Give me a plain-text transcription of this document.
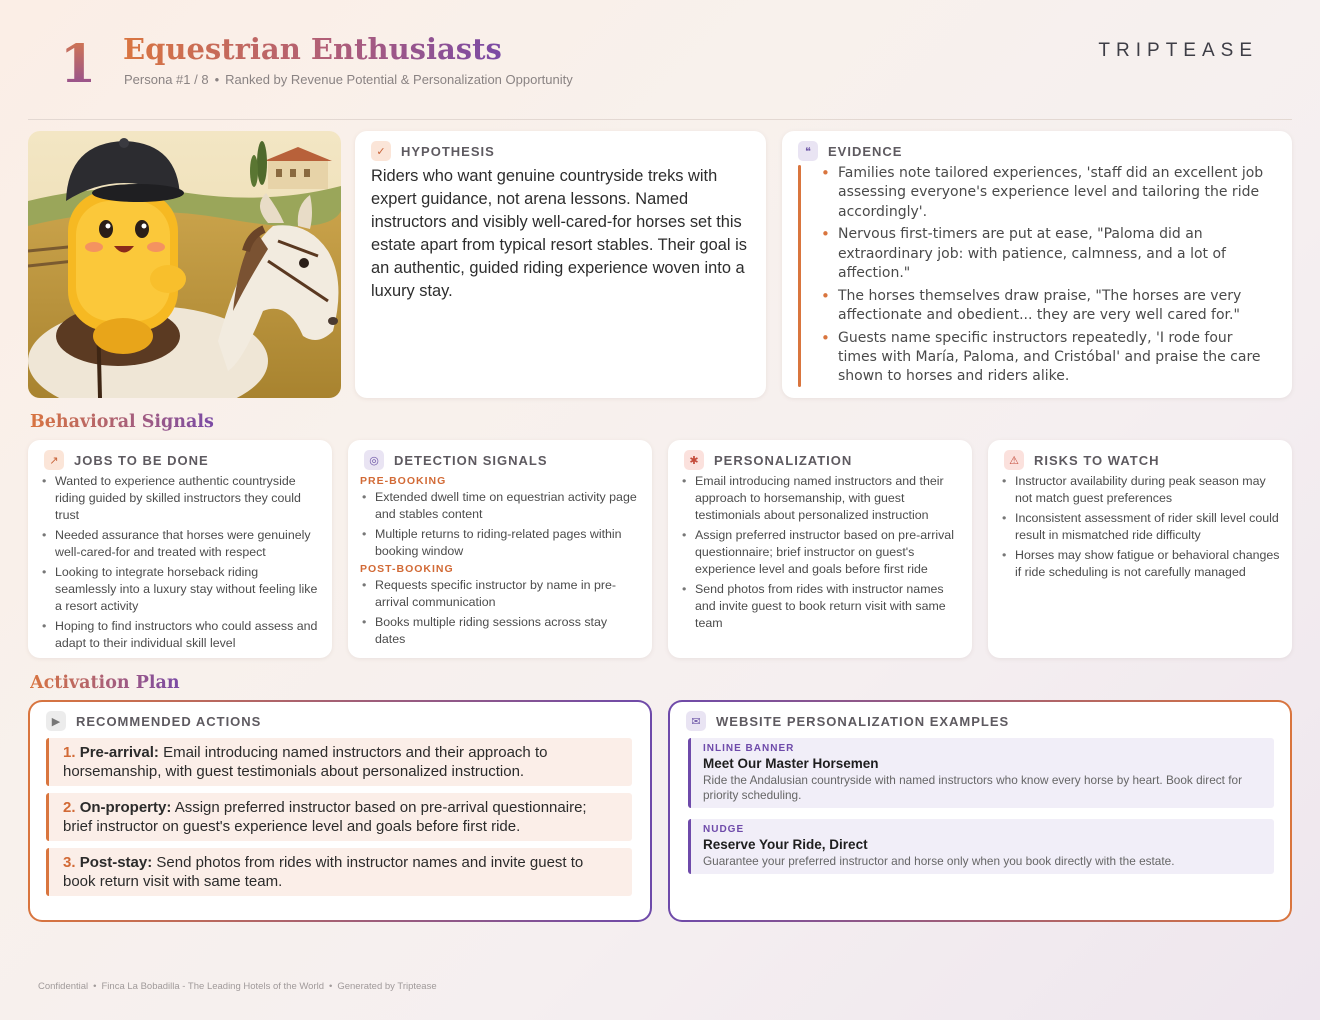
1 Equestrian Enthusiasts
Persona #1 / 8 • Ranked by Revenue Potential & Personalization Opportunity
TRIPTEASE
✓	HYPOTHESIS
Riders who want genuine countryside treks with expert guidance, not arena lessons. Named instructors and visibly well-cared-for horses set this estate apart from typical resort stables. Their goal is an authentic, guided riding experience woven into a luxury stay.
❝	EVIDENCE
• Families note tailored experiences, 'staff did an excellent job assessing everyone's experience level and tailoring the ride accordingly'.
• Nervous first-timers are put at ease, "Paloma did an extraordinary job: with patience, calmness, and a lot of affection."
• The horses themselves draw praise, "The horses are very affectionate and obedient... they are very well cared for."
• Guests name specific instructors repeatedly, 'I rode four times with María, Paloma, and Cristóbal' and praise the care shown to horses and riders alike.
Behavioral Signals
↗	JOBS TO BE DONE
• Wanted to experience authentic countryside riding guided by skilled instructors they could trust
• Needed assurance that horses were genuinely well-cared-for and treated with respect
• Looking to integrate horseback riding seamlessly into a luxury stay without feeling like a resort activity
• Hoping to find instructors who could assess and adapt to their individual skill level
◎	DETECTION SIGNALS
PRE-BOOKING
• Extended dwell time on equestrian activity page and stables content
• Multiple returns to riding-related pages within booking window
POST-BOOKING
• Requests specific instructor by name in pre-arrival communication
• Books multiple riding sessions across stay dates
✱	PERSONALIZATION
• Email introducing named instructors and their approach to horsemanship, with guest testimonials about personalized instruction
• Assign preferred instructor based on pre-arrival questionnaire; brief instructor on guest's experience level and goals before first ride
• Send photos from rides with instructor names and invite guest to book return visit with same team
⚠	RISKS TO WATCH
• Instructor availability during peak season may not match guest preferences
• Inconsistent assessment of rider skill level could result in mismatched ride difficulty
• Horses may show fatigue or behavioral changes if ride scheduling is not carefully managed
Activation Plan
▶	RECOMMENDED ACTIONS
1. Pre-arrival: Email introducing named instructors and their approach to horsemanship, with guest testimonials about personalized instruction.
2. On-property: Assign preferred instructor based on pre-arrival questionnaire; brief instructor on guest's experience level and goals before first ride.
3. Post-stay: Send photos from rides with instructor names and invite guest to book return visit with same team.
✉	WEBSITE PERSONALIZATION EXAMPLES
INLINE BANNER
Meet Our Master Horsemen
Ride the Andalusian countryside with named instructors who know every horse by heart. Book direct for priority scheduling.
NUDGE
Reserve Your Ride, Direct
Guarantee your preferred instructor and horse only when you book directly with the estate.
Confidential • Finca La Bobadilla - The Leading Hotels of the World • Generated by Triptease
